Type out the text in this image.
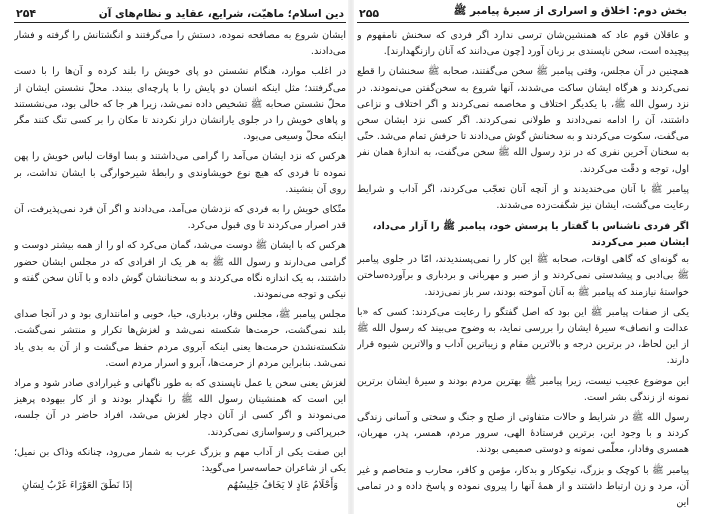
دین اسلام؛ ماهیّت، شرایع، عقاید و نظام‌های آن
۲۵۴

ایشان شروع به مصافحه نموده، دستش را می‌گرفتند و انگشتانش را گرفته و فشار می‌دادند.

در اغلب موارد، هنگام نشستن دو پای خویش را بلند کرده و آن‌ها را با دست می‌گرفتند؛ مثل اینکه انسان دو پایش را با پارچه‌ای ببندد. محلّ نشستن ایشان از محلّ نشستن صحابه ﷺ تشخیص داده نمی‌شد، زیرا هر جا که خالی بود، می‌نشستند و پاهای خویش را در جلوی یارانشان دراز نکردند تا مکان را بر کسی تنگ کنند مگر اینکه محلّ وسیعی می‌بود.

هرکس که نزد ایشان می‌آمد را گرامی می‌داشتند و بسا اوقات لباس خویش را پهن نموده تا فردی که هیچ نوع خویشاوندی و رابطهٔ شیرخوارگی با ایشان نداشت، بر روی آن بنشیند.

متّکای خویش را به فردی که نزدشان می‌آمد، می‌دادند و اگر آن فرد نمی‌پذیرفت، آن قدر اصرار می‌کردند تا وی قبول می‌کرد.

هرکس که با ایشان ﷺ دوست می‌شد، گمان می‌کرد که او را از همه بیشتر دوست و گرامی می‌دارند و رسول الله ﷺ به هر یک از افرادی که در مجلس ایشان حضور داشتند، به یک اندازه نگاه می‌کردند و به سخنانشان گوش داده و با آنان سخن گفته و نیکی و توجه می‌نمودند.

مجلس پیامبر ﷺ، مجلس وقار، بردباری، حیا، خوبی و امانتداری بود و در آنجا صدای بلند نمی‌گشت، حرمت‌ها شکسته نمی‌شد و لغزش‌ها تکرار و منتشر نمی‌گشت. شکسته‌نشدن حرمت‌ها یعنی اینکه آبروی مردم حفظ می‌گشت و از آن به بدی یاد نمی‌شد. بنابراین مردم از حرمت‌ها، آبرو و اسرار مردم است.

لغزش یعنی سخن یا عمل ناپسندی که به طور ناگهانی و غیرارادی صادر شود و مراد این است که همنشینان رسول الله ﷺ را نگهدار بودند و از کار بیهوده پرهیز می‌نمودند و اگر کسی از آنان دچار لغزش می‌شد، افراد حاضر در آن جلسه، خبرپراکنی و رسواسازی نمی‌کردند.

این صفت یکی از آداب مهم و بزرگ عرب به شمار می‌رود، چنانکه وذاک بن نمیل؛ یکی از شاعران حماسه‌سرا می‌گوید:

وَأَحْلَامُ عَادٍ لا يَخَافُ جَلِيسُهُم
إذَا نَطَقَ العَوْرَاءَ غَرْبُ لِسَانِ
بخش دوم: اخلاق و اسراری از سیرهٔ پیامبر ﷺ
۲۵۵

و عاقلان قوم عاد که همنشین‌شان ترسی ندارد اگر فردی که سخنش نامفهوم و پیچیده است، سخن ناپسندی بر زبان آورد [چون می‌دانند که آنان رازنگهدارند].

همچنین در آن مجلس، وقتی پیامبر ﷺ سخن می‌گفتند، صحابه ﷺ سخنشان را قطع نمی‌کردند و هرگاه ایشان ساکت می‌شدند، آنها شروع به سخن‌گفتن می‌نمودند. در نزد رسول الله ﷺ، با یکدیگر اختلاف و مخاصمه نمی‌کردند و اگر اختلاف و نزاعی داشتند، آن را ادامه نمی‌دادند و طولانی نمی‌کردند. اگر کسی نزد ایشان سخن می‌گفت، سکوت می‌کردند و به سخنانش گوش می‌دادند تا حرفش تمام می‌شد. حتّی به سخنان آخرین نفری که در نزد رسول الله ﷺ سخن می‌گفت، به اندازهٔ همان نفر اول، توجه و دقّت می‌کردند.

پیامبر ﷺ با آنان می‌خندیدند و از آنچه آنان تعجّب می‌کردند، اگر آداب و شرایط رعایت می‌گشت، ایشان نیز شگفت‌زده می‌شدند.

اگر فردی ناشناس با گفتار یا پرسش خود، پیامبر ﷺ را آزار می‌داد، ایشان صبر می‌کردند

به گونه‌ای که گاهی اوقات، صحابه ﷺ این کار را نمی‌پسندیدند، امّا در جلوی پیامبر ﷺ بی‌ادبی و پیشدستی نمی‌کردند و از صبر و مهربانی و بردباری و برآورده‌ساختن خواستهٔ نیازمند که پیامبر ﷺ به آنان آموخته بودند، سر باز نمی‌زدند.

یکی از صفات پیامبر ﷺ این بود که اصل گفتگو را رعایت می‌کردند: کسی که «با عدالت و انصاف» سیرهٔ ایشان را بررسی نماید، به وضوح می‌بیند که رسول الله ﷺ از این لحاظ، در برترین درجه و بالاترین مقام و زیباترین آداب و والاترین شیوه قرار دارند.

این موضوع عجیب نیست، زیرا پیامبر ﷺ بهترین مردم بودند و سیرهٔ ایشان برترین نمونه از زندگی بشر است.

رسول الله ﷺ در شرایط و حالات متفاوتی از صلح و جنگ و سختی و آسانی زندگی کردند و با وجود این، برترین فرستادهٔ الهی، سرور مردم، همسر، پدر، مهربان، همسری وفادار، معلّمی نمونه و دوستی صمیمی بودند.

پیامبر ﷺ با کوچک و بزرگ، نیکوکار و بدکار، مؤمن و کافر، محارب و متخاصم و غیر آن، مرد و زن ارتباط داشتند و از همهٔ آنها را پیروی نموده و پاسخ داده و در تمامی این
